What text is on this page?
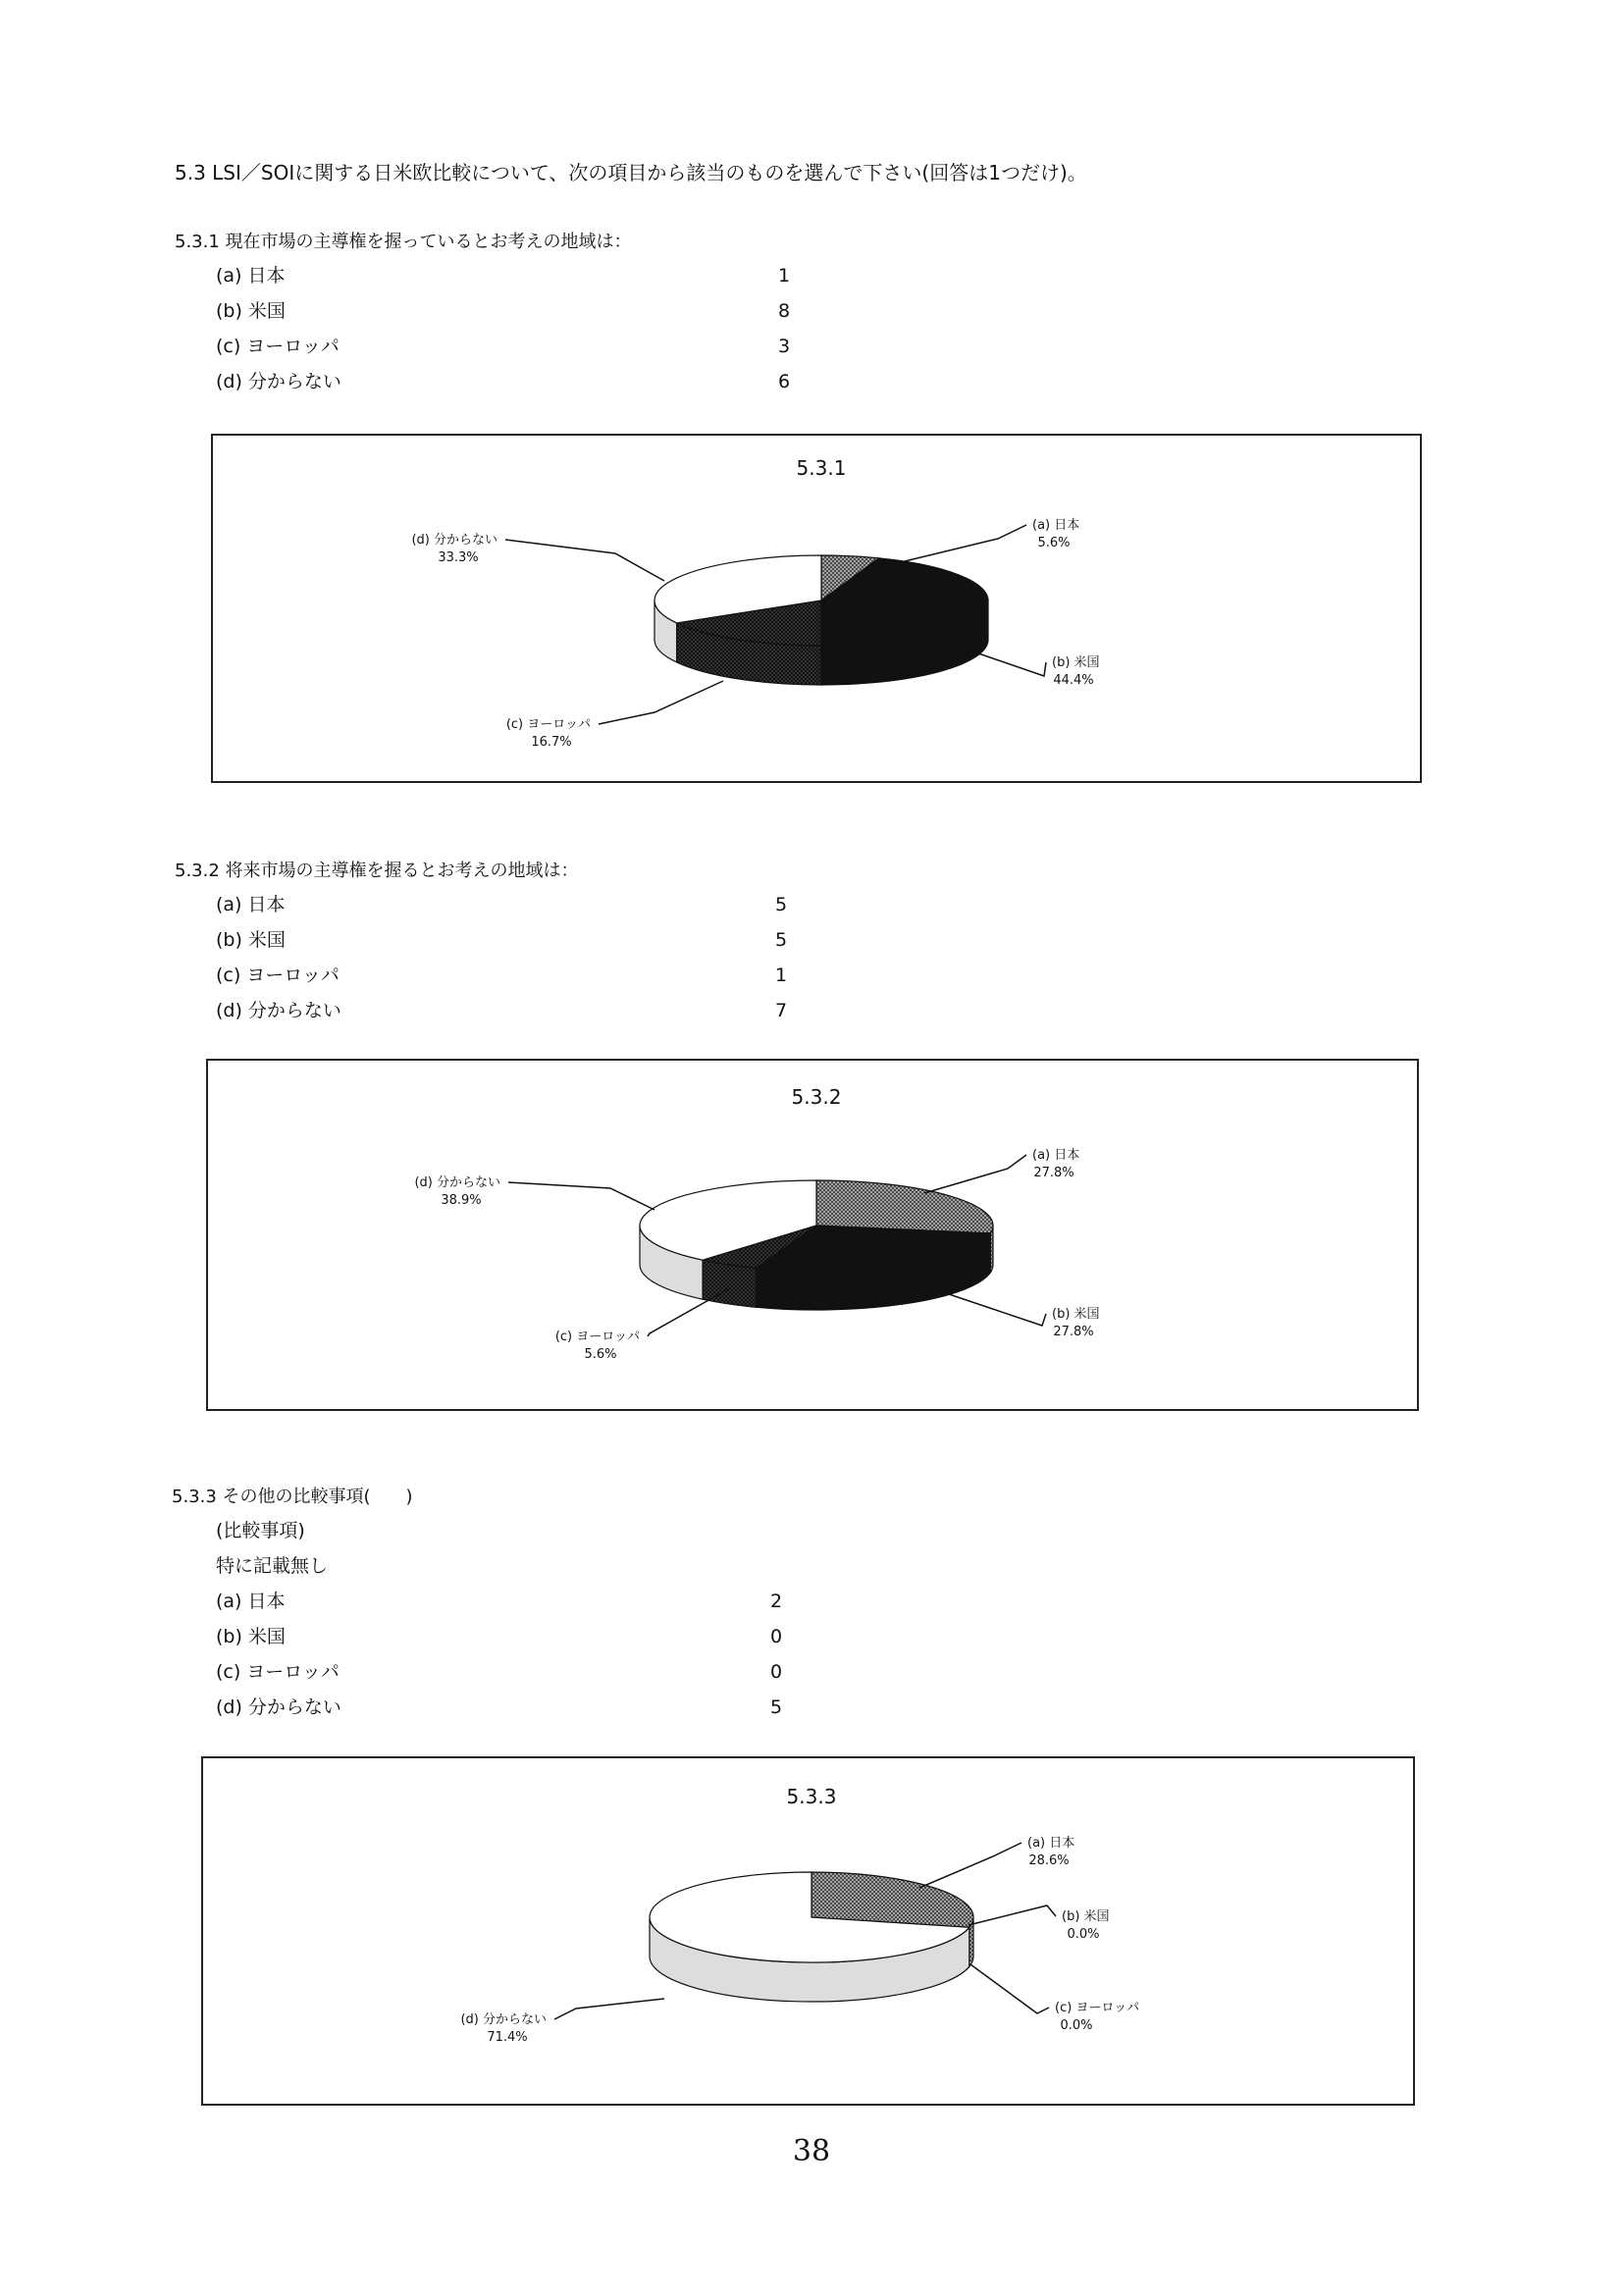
5.3 LSI／SOIに関する日米欧比較について、次の項目から該当のものを選んで下さい(回答は1つだけ)。
5.3.1 現在市場の主導権を握っているとお考えの地域は：
(a) 日本	1
(b) 米国	8
(c) ヨーロッパ	3
(d) 分からない	6
5.3.1
(a) 日本
5.6%
(b) 米国
44.4%
(c) ヨーロッパ
16.7%
(d) 分からない
33.3%
5.3.2 将来市場の主導権を握るとお考えの地域は：
(a) 日本	5
(b) 米国	5
(c) ヨーロッパ	1
(d) 分からない	7
5.3.2
(a) 日本
27.8%
(b) 米国
27.8%
(c) ヨーロッパ
5.6%
(d) 分からない
38.9%
5.3.3 その他の比較事項(　　)
(比較事項)
特に記載無し
(a) 日本	2
(b) 米国	0
(c) ヨーロッパ	0
(d) 分からない	5
5.3.3
(a) 日本
28.6%
(b) 米国
0.0%
(c) ヨーロッパ
0.0%
(d) 分からない
71.4%
38
